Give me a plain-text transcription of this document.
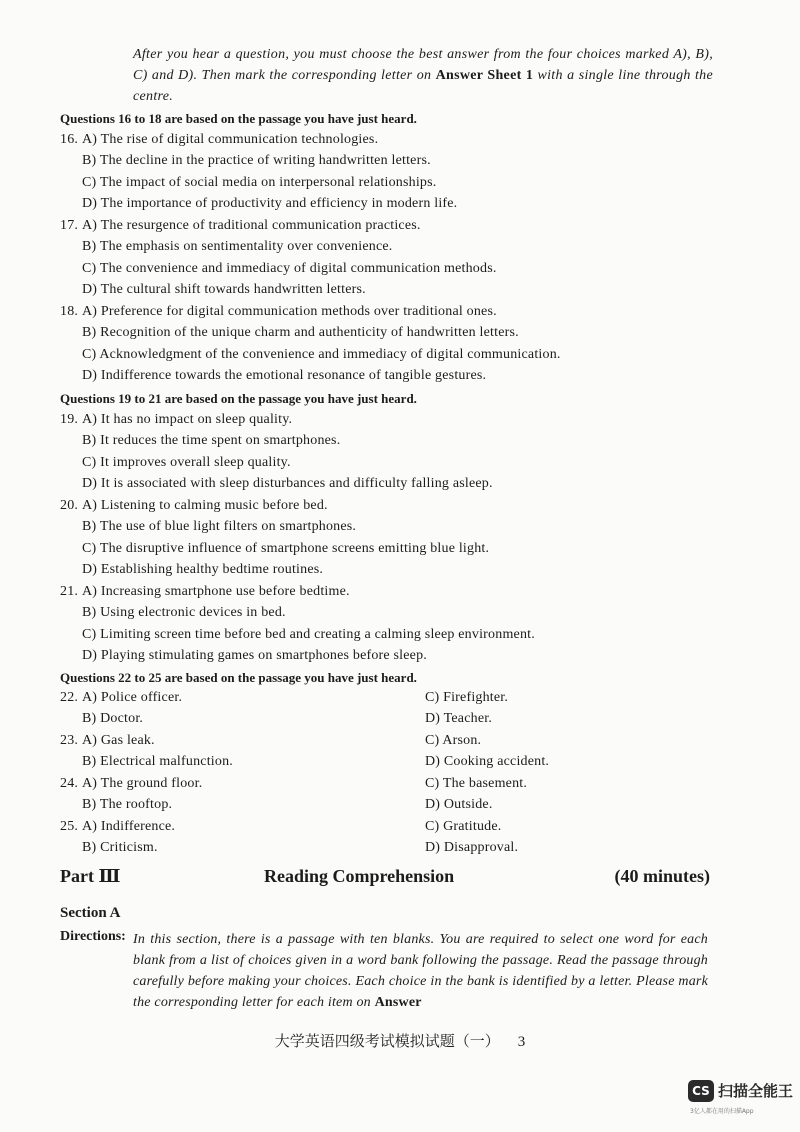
After you hear a question, you must choose the best answer from the four choices marked A), B), C) and D). Then mark the corresponding letter on Answer Sheet 1 with a single line through the centre.
Questions 16 to 18 are based on the passage you have just heard.
16. A) The rise of digital communication technologies.
B) The decline in the practice of writing handwritten letters.
C) The impact of social media on interpersonal relationships.
D) The importance of productivity and efficiency in modern life.
17. A) The resurgence of traditional communication practices.
B) The emphasis on sentimentality over convenience.
C) The convenience and immediacy of digital communication methods.
D) The cultural shift towards handwritten letters.
18. A) Preference for digital communication methods over traditional ones.
B) Recognition of the unique charm and authenticity of handwritten letters.
C) Acknowledgment of the convenience and immediacy of digital communication.
D) Indifference towards the emotional resonance of tangible gestures.
Questions 19 to 21 are based on the passage you have just heard.
19. A) It has no impact on sleep quality.
B) It reduces the time spent on smartphones.
C) It improves overall sleep quality.
D) It is associated with sleep disturbances and difficulty falling asleep.
20. A) Listening to calming music before bed.
B) The use of blue light filters on smartphones.
C) The disruptive influence of smartphone screens emitting blue light.
D) Establishing healthy bedtime routines.
21. A) Increasing smartphone use before bedtime.
B) Using electronic devices in bed.
C) Limiting screen time before bed and creating a calming sleep environment.
D) Playing stimulating games on smartphones before sleep.
Questions 22 to 25 are based on the passage you have just heard.
22. A) Police officer.	C) Firefighter.
B) Doctor.	D) Teacher.
23. A) Gas leak.	C) Arson.
B) Electrical malfunction.	D) Cooking accident.
24. A) The ground floor.	C) The basement.
B) The rooftop.	D) Outside.
25. A) Indifference.	C) Gratitude.
B) Criticism.	D) Disapproval.
Part Ⅲ	Reading Comprehension	(40 minutes)
Section A
Directions: In this section, there is a passage with ten blanks. You are required to select one word for each blank from a list of choices given in a word bank following the passage. Read the passage through carefully before making your choices. Each choice in the bank is identified by a letter. Please mark the corresponding letter for each item on Answer
大学英语四级考试模拟试题（一） 3
CS 扫描全能王
3亿人都在用的扫描App
